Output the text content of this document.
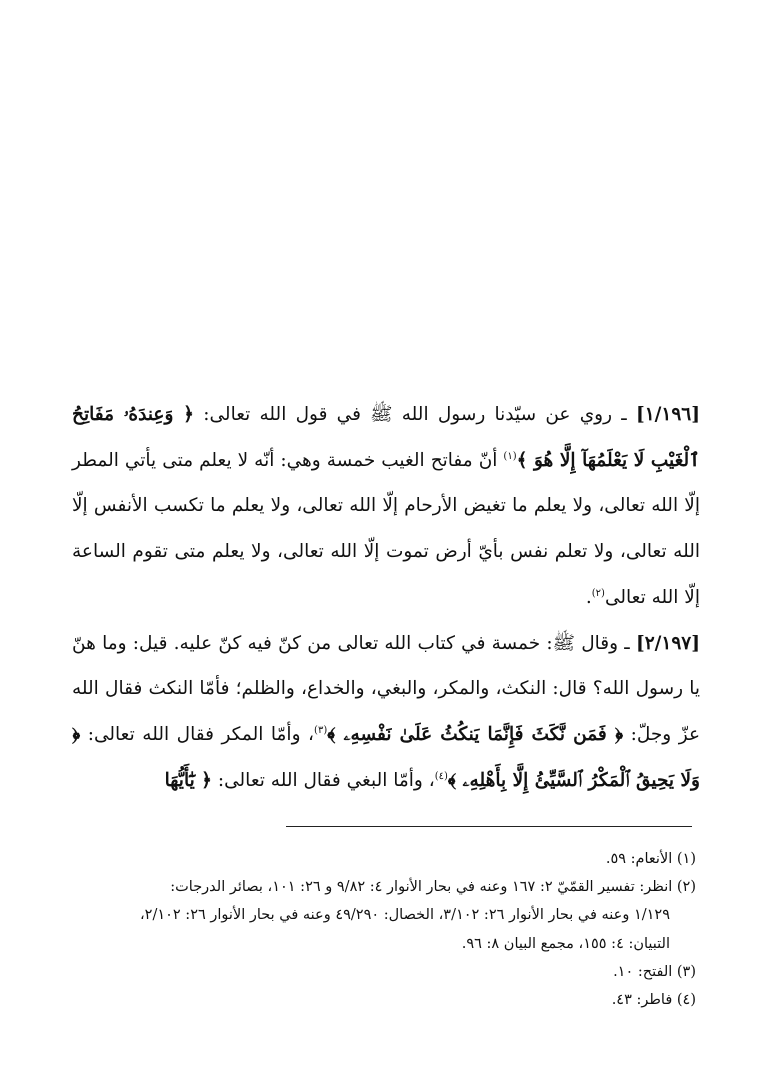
[١/١٩٦] ـ روي عن سيّدنا رسول الله ﷺ في قول الله تعالى: ﴿ وَعِندَهُۥ مَفَاتِحُ ٱلْغَيْبِ لَا يَعْلَمُهَآ إِلَّا هُوَ ﴾$^{(١)}$ أنّ مفاتح الغيب خمسة وهي: أنّه لا يعلم متى يأتي المطر إلّا الله تعالى، ولا يعلم ما تغيض الأرحام إلّا الله تعالى، ولا يعلم ما تكسب الأنفس إلّا الله تعالى، ولا تعلم نفس بأيّ أرض تموت إلّا الله تعالى، ولا يعلم متى تقوم الساعة إلّا الله تعالى$^{(٢)}$.

[٢/١٩٧] ـ وقال ﷺ: خمسة في كتاب الله تعالى من كنّ فيه كنّ عليه. قيل: وما هنّ يا رسول الله؟ قال: النكث، والمكر، والبغي، والخداع، والظلم؛ فأمّا النكث فقال الله عزّ وجلّ: ﴿ فَمَن نَّكَثَ فَإِنَّمَا يَنكُثُ عَلَىٰ نَفْسِهِۦ ﴾$^{(٣)}$، وأمّا المكر فقال الله تعالى: ﴿ وَلَا يَحِيقُ ٱلْمَكْرُ ٱلسَّيِّئُ إِلَّا بِأَهْلِهِۦ ﴾$^{(٤)}$، وأمّا البغي فقال الله تعالى: ﴿ يَٰٓأَيُّهَا

(١) الأنعام: ٥٩.

(٢) انظر: تفسير القمّيّ ٢: ١٦٧ وعنه في بحار الأنوار ٤: ٩/٨٢ و ٢٦: ١٠١، بصائر الدرجات:

١/١٢٩ وعنه في بحار الأنوار ٢٦: ٣/١٠٢، الخصال: ٤٩/٢٩٠ وعنه في بحار الأنوار ٢٦: ٢/١٠٢،

التبيان: ٤: ١٥٥، مجمع البيان ٨: ٩٦.

(٣) الفتح: ١٠.

(٤) فاطر: ٤٣.
